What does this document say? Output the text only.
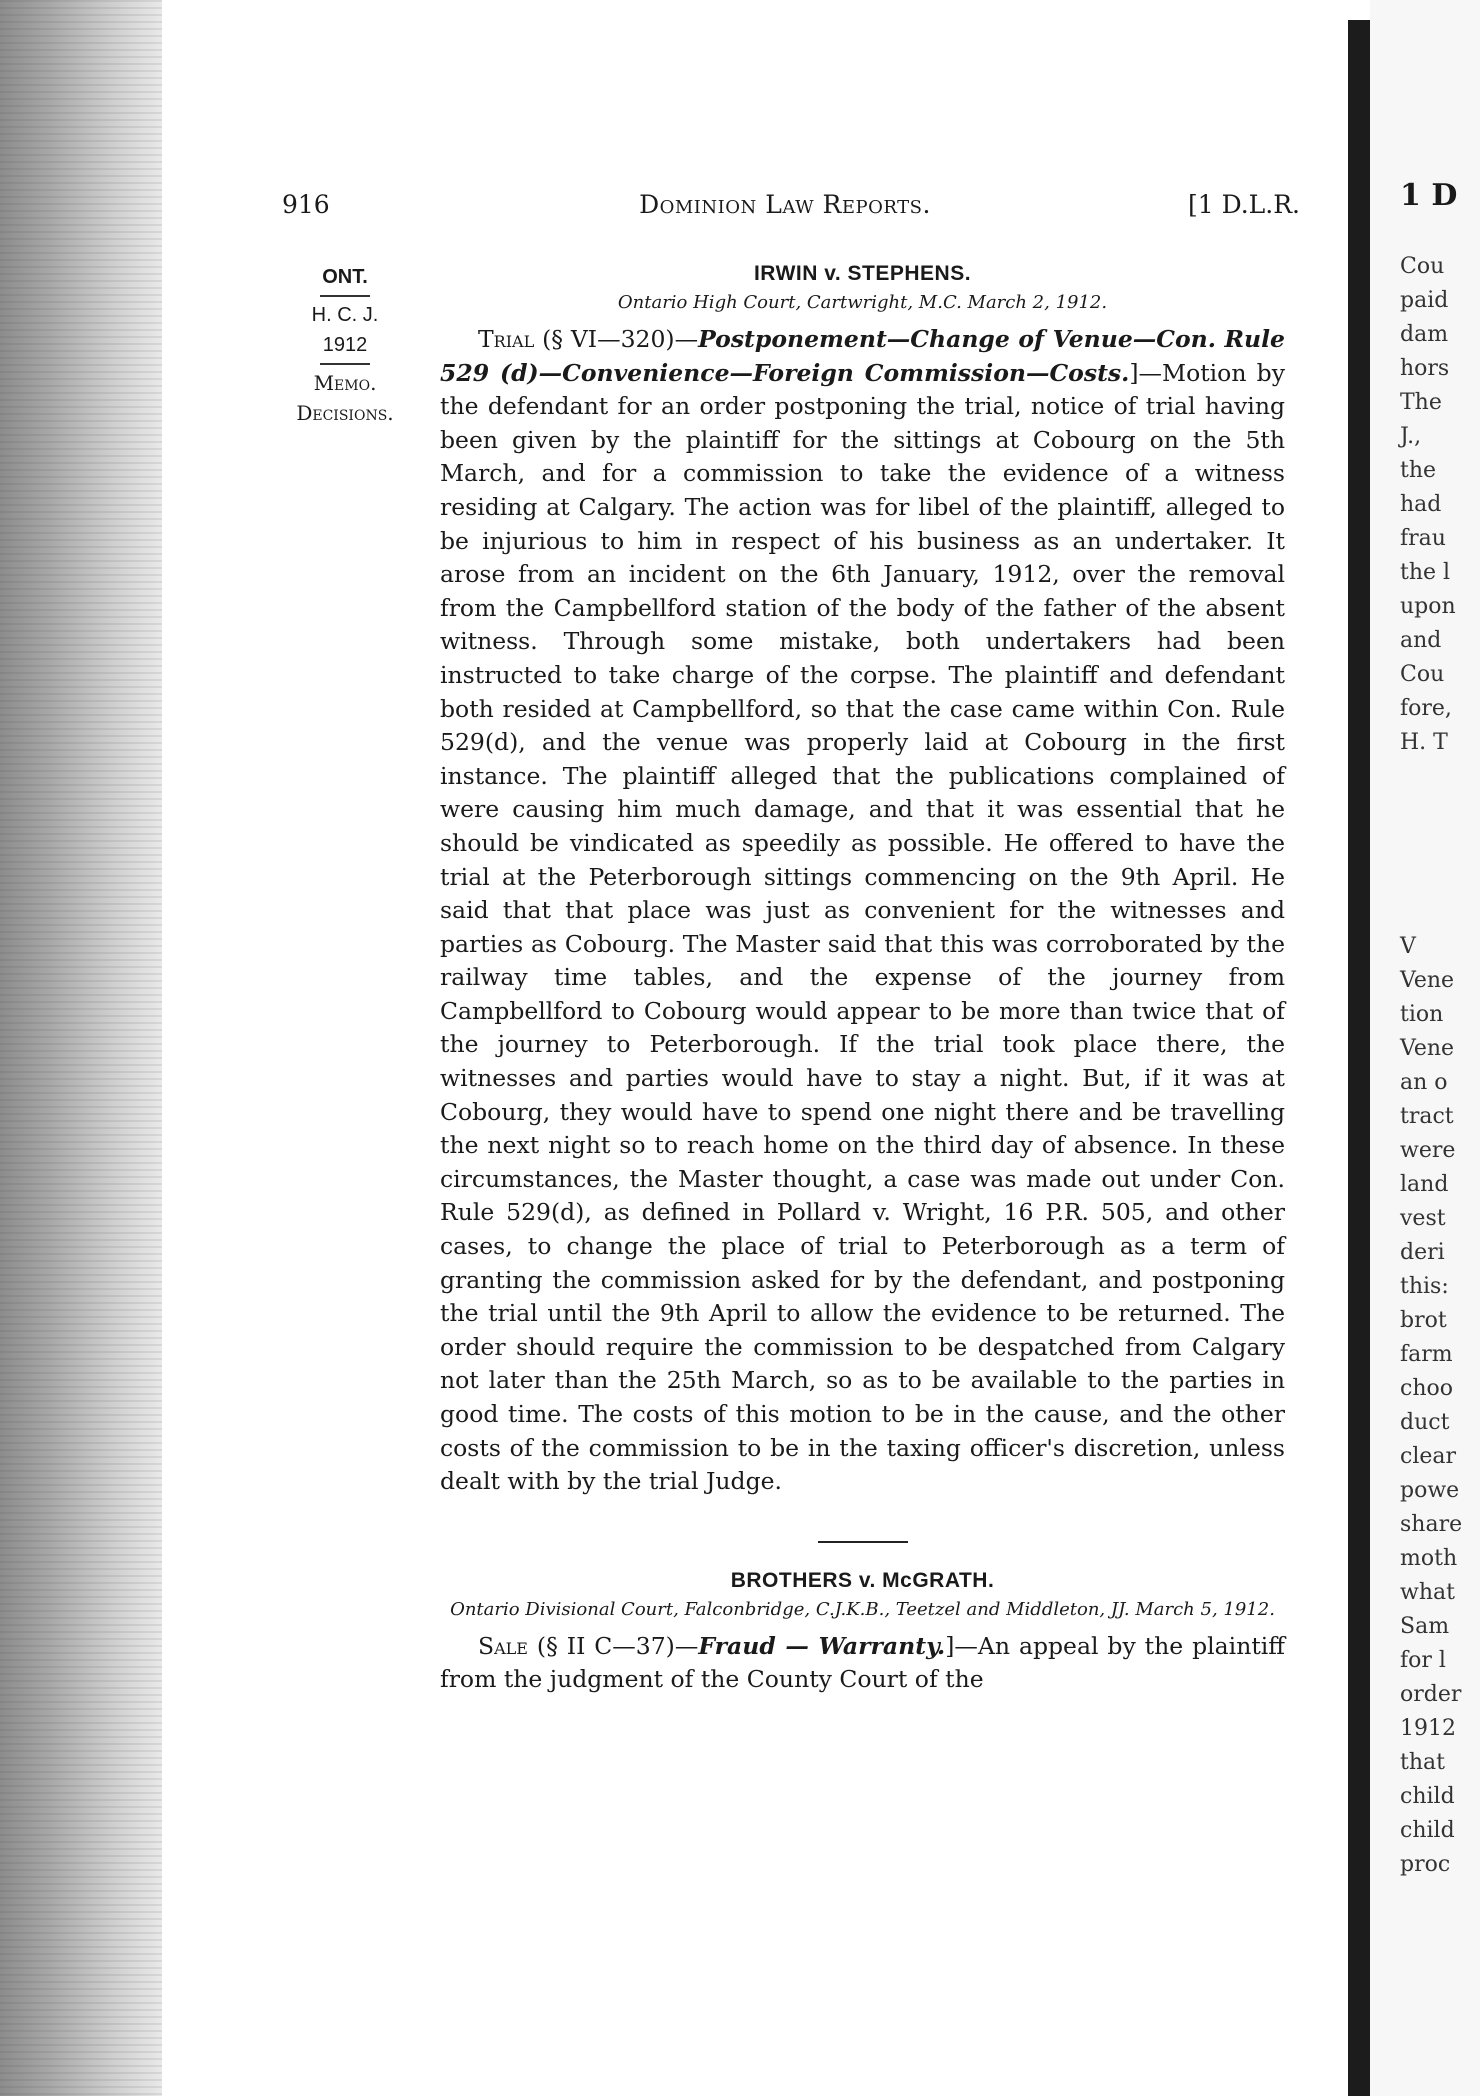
1 D
Cou
paid
dam
hors
The
J.,
the
had
frau
the l
upon
and
Cou
fore,
H. T
V
Vene
tion
Vene
an o
tract
were
land
vest
deri
this:
brot
farm
choo
duct
clear
powe
share
moth
what
Sam
for l
order
1912
that
child
child
proc
916	Dominion Law Reports.	[1 D.L.R.
ONT.
H. C. J.
1912
Memo.
Decisions.
IRWIN v. STEPHENS.
Ontario High Court, Cartwright, M.C. March 2, 1912.

Trial (§ VI—320)—Postponement—Change of Venue—Con. Rule 529 (d)—Convenience—Foreign Commission—Costs.]—Motion by the defendant for an order postponing the trial, notice of trial having been given by the plaintiff for the sittings at Cobourg on the 5th March, and for a commission to take the evidence of a witness residing at Calgary. The action was for libel of the plaintiff, alleged to be injurious to him in respect of his business as an undertaker. It arose from an incident on the 6th January, 1912, over the removal from the Campbellford station of the body of the father of the absent witness. Through some mistake, both undertakers had been instructed to take charge of the corpse. The plaintiff and defendant both resided at Campbellford, so that the case came within Con. Rule 529(d), and the venue was properly laid at Cobourg in the first instance. The plaintiff alleged that the publications complained of were causing him much damage, and that it was essential that he should be vindicated as speedily as possible. He offered to have the trial at the Peterborough sittings commencing on the 9th April. He said that that place was just as convenient for the witnesses and parties as Cobourg. The Master said that this was corroborated by the railway time tables, and the expense of the journey from Campbellford to Cobourg would appear to be more than twice that of the journey to Peterborough. If the trial took place there, the witnesses and parties would have to stay a night. But, if it was at Cobourg, they would have to spend one night there and be travelling the next night so to reach home on the third day of absence. In these circumstances, the Master thought, a case was made out under Con. Rule 529(d), as defined in Pollard v. Wright, 16 P.R. 505, and other cases, to change the place of trial to Peterborough as a term of granting the commission asked for by the defendant, and postponing the trial until the 9th April to allow the evidence to be returned. The order should require the commission to be despatched from Calgary not later than the 25th March, so as to be available to the parties in good time. The costs of this motion to be in the cause, and the other costs of the commission to be in the taxing officer's discretion, unless dealt with by the trial Judge.

BROTHERS v. McGRATH.
Ontario Divisional Court, Falconbridge, C.J.K.B., Teetzel and Middleton, JJ. March 5, 1912.

Sale (§ II C—37)—Fraud — Warranty.]—An appeal by the plaintiff from the judgment of the County Court of the
